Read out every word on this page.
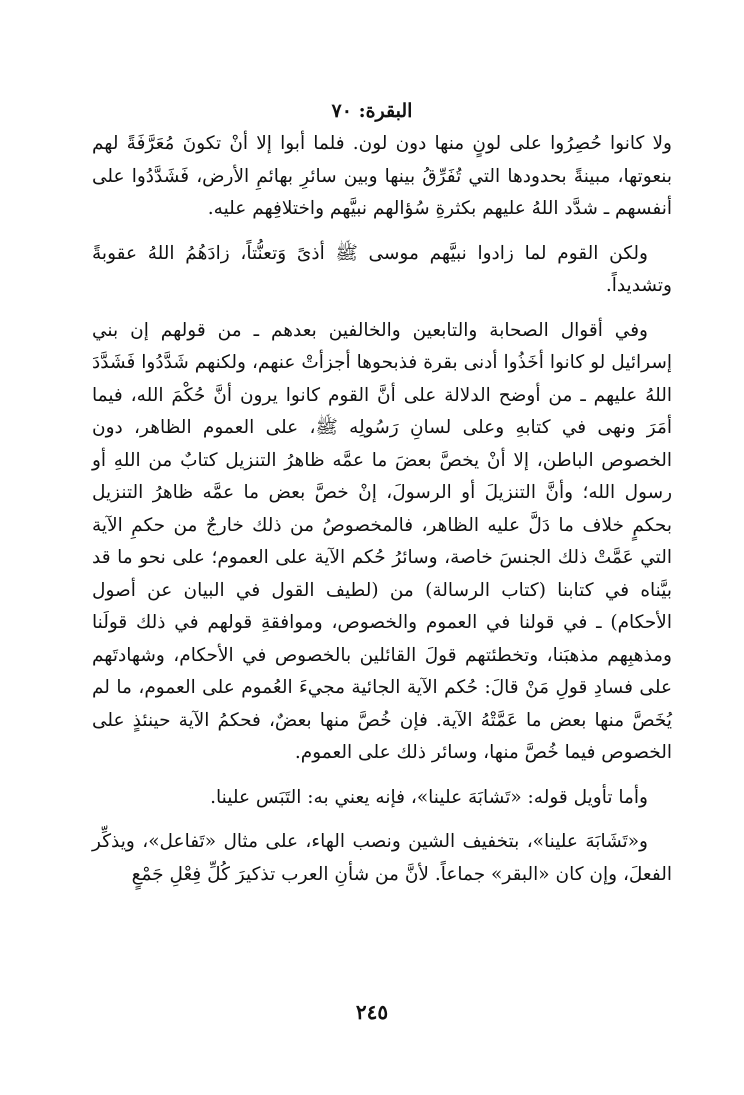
البقرة: ٧٠

ولا كانوا حُصِرُوا على لونٍ منها دون لون. فلما أبوا إلا أنْ تكونَ مُعَرَّفَةً لهم بنعوتها، مبينةً بحدودها التي تُفَرِّقُ بينها وبين سائرِ بهائمِ الأرض، فَشَدَّدُوا على أنفسهم ـ شدَّد اللهُ عليهم بكثرةِ سُؤالهم نبيَّهم واختلافِهم عليه.

ولكن القوم لما زادوا نبيَّهم موسى ﷺ أذىً وَتعنُّتاً، زادَهُمُ اللهُ عقوبةً وتشديداً.

وفي أقوال الصحابة والتابعين والخالفين بعدهم ـ من قولهم إن بني إسرائيل لو كانوا أخَذُوا أدنى بقرة فذبحوها أجزأتْ عنهم، ولكنهم شَدَّدُوا فَشَدَّدَ اللهُ عليهم ـ من أوضح الدلالة على أنَّ القوم كانوا يرون أنَّ حُكْمَ الله، فيما أمَرَ ونهى في كتابهِ وعلى لسانِ رَسُولِه ﷺ، على العموم الظاهر، دون الخصوص الباطن، إلا أنْ يخصَّ بعضَ ما عمَّه ظاهرُ التنزيل كتابٌ من اللهِ أو رسول الله؛ وأنَّ التنزيلَ أو الرسولَ، إنْ خصَّ بعض ما عمَّه ظاهرُ التنزيل بحكمٍ خلاف ما دَلَّ عليه الظاهر، فالمخصوصُ من ذلك خارجٌ من حكمِ الآية التي عَمَّتْ ذلك الجنسَ خاصة، وسائرُ حُكم الآية على العموم؛ على نحو ما قد بيَّناه في كتابنا (كتاب الرسالة) من (لطيف القول في البيان عن أصول الأحكام) ـ في قولنا في العموم والخصوص، وموافقةِ قولهم في ذلك قولَنا ومذهبِهم مذهبَنا، وتخطئتهم قولَ القائلين بالخصوص في الأحكام، وشهادتَهم على فسادِ قولِ مَنْ قالَ: حُكم الآية الجائية مجيءَ العُموم على العموم، ما لم يُخَصَّ منها بعض ما عَمَّتْهُ الآية. فإن خُصَّ منها بعضٌ، فحكمُ الآية حينئذٍ على الخصوص فيما خُصَّ منها، وسائر ذلك على العموم.

وأما تأويل قوله: «تَشابَهَ علينا»، فإنه يعني به: التَبَس علينا.

و«تَشَابَهَ علينا»، بتخفيف الشين ونصب الهاء، على مثال «تَفاعل»، ويذكِّر الفعلَ، وإن كان «البقر» جماعاً. لأنَّ من شأنِ العرب تذكيرَ كُلِّ فِعْلِ جَمْعٍ

٢٤٥
